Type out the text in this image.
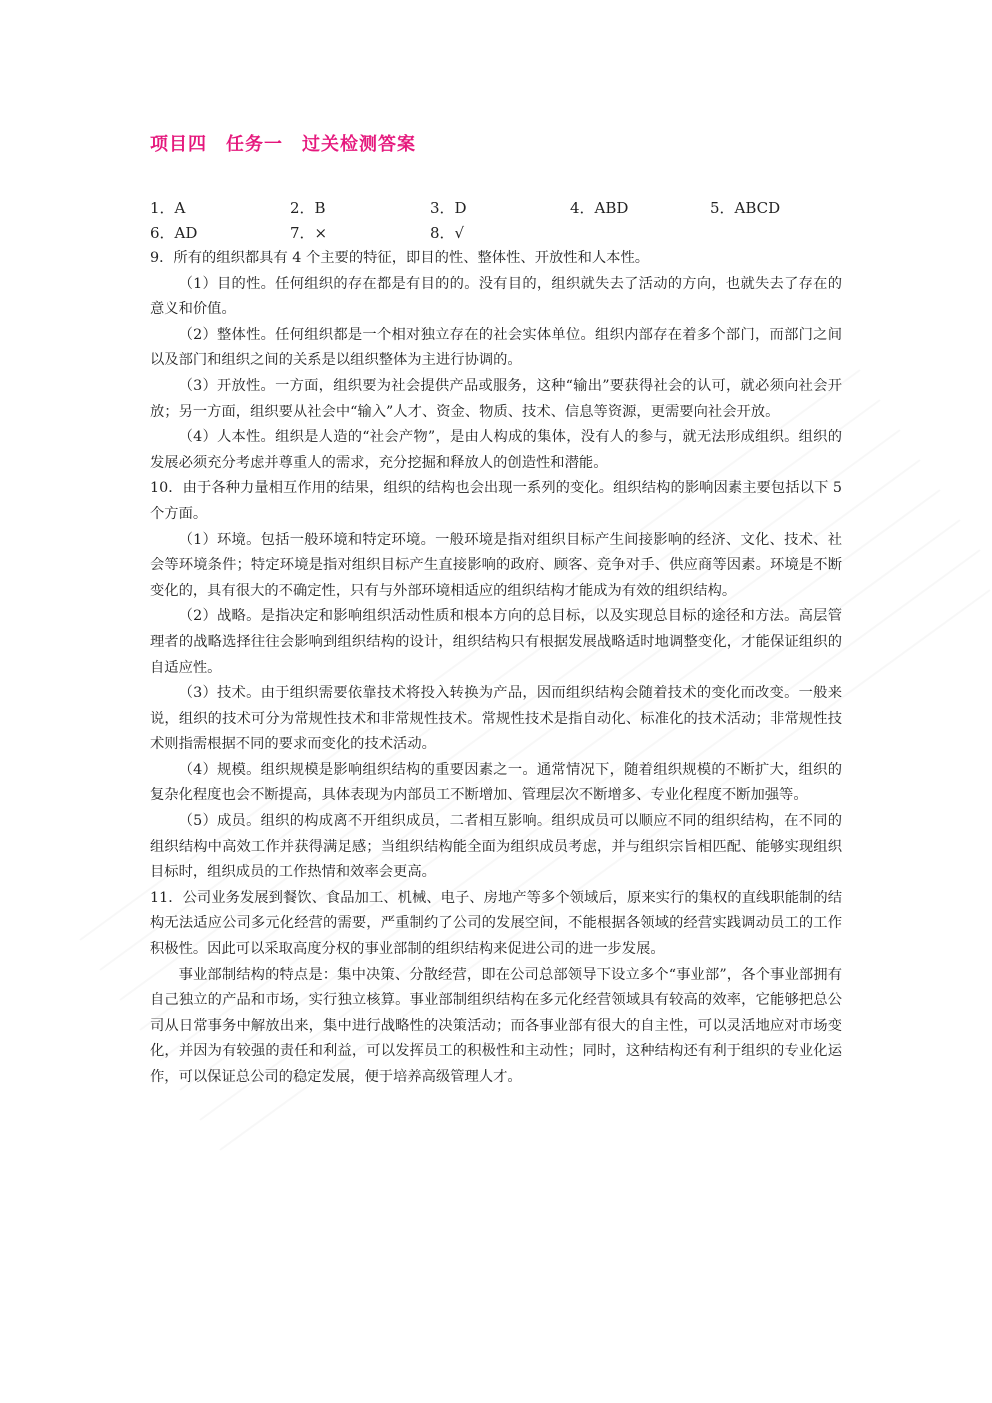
项目四　任务一　过关检测答案
1．A	2．B	3．D	4．ABD	5．ABCD
6．AD	7．×	8．√

9．所有的组织都具有 4 个主要的特征，即目的性、整体性、开放性和人本性。

（1）目的性。任何组织的存在都是有目的的。没有目的，组织就失去了活动的方向，也就失去了存在的意义和价值。

（2）整体性。任何组织都是一个相对独立存在的社会实体单位。组织内部存在着多个部门，而部门之间以及部门和组织之间的关系是以组织整体为主进行协调的。

（3）开放性。一方面，组织要为社会提供产品或服务，这种“输出”要获得社会的认可，就必须向社会开放；另一方面，组织要从社会中“输入”人才、资金、物质、技术、信息等资源，更需要向社会开放。

（4）人本性。组织是人造的“社会产物”，是由人构成的集体，没有人的参与，就无法形成组织。组织的发展必须充分考虑并尊重人的需求，充分挖掘和释放人的创造性和潜能。

10．由于各种力量相互作用的结果，组织的结构也会出现一系列的变化。组织结构的影响因素主要包括以下 5 个方面。

（1）环境。包括一般环境和特定环境。一般环境是指对组织目标产生间接影响的经济、文化、技术、社会等环境条件；特定环境是指对组织目标产生直接影响的政府、顾客、竞争对手、供应商等因素。环境是不断变化的，具有很大的不确定性，只有与外部环境相适应的组织结构才能成为有效的组织结构。

（2）战略。是指决定和影响组织活动性质和根本方向的总目标，以及实现总目标的途径和方法。高层管理者的战略选择往往会影响到组织结构的设计，组织结构只有根据发展战略适时地调整变化，才能保证组织的自适应性。

（3）技术。由于组织需要依靠技术将投入转换为产品，因而组织结构会随着技术的变化而改变。一般来说，组织的技术可分为常规性技术和非常规性技术。常规性技术是指自动化、标准化的技术活动；非常规性技术则指需根据不同的要求而变化的技术活动。

（4）规模。组织规模是影响组织结构的重要因素之一。通常情况下，随着组织规模的不断扩大，组织的复杂化程度也会不断提高，具体表现为内部员工不断增加、管理层次不断增多、专业化程度不断加强等。

（5）成员。组织的构成离不开组织成员，二者相互影响。组织成员可以顺应不同的组织结构，在不同的组织结构中高效工作并获得满足感；当组织结构能全面为组织成员考虑，并与组织宗旨相匹配、能够实现组织目标时，组织成员的工作热情和效率会更高。

11．公司业务发展到餐饮、食品加工、机械、电子、房地产等多个领域后，原来实行的集权的直线职能制的结构无法适应公司多元化经营的需要，严重制约了公司的发展空间，不能根据各领域的经营实践调动员工的工作积极性。因此可以采取高度分权的事业部制的组织结构来促进公司的进一步发展。

事业部制结构的特点是：集中决策、分散经营，即在公司总部领导下设立多个“事业部”，各个事业部拥有自己独立的产品和市场，实行独立核算。事业部制组织结构在多元化经营领域具有较高的效率，它能够把总公司从日常事务中解放出来，集中进行战略性的决策活动；而各事业部有很大的自主性，可以灵活地应对市场变化，并因为有较强的责任和利益，可以发挥员工的积极性和主动性；同时，这种结构还有利于组织的专业化运作，可以保证总公司的稳定发展，便于培养高级管理人才。
